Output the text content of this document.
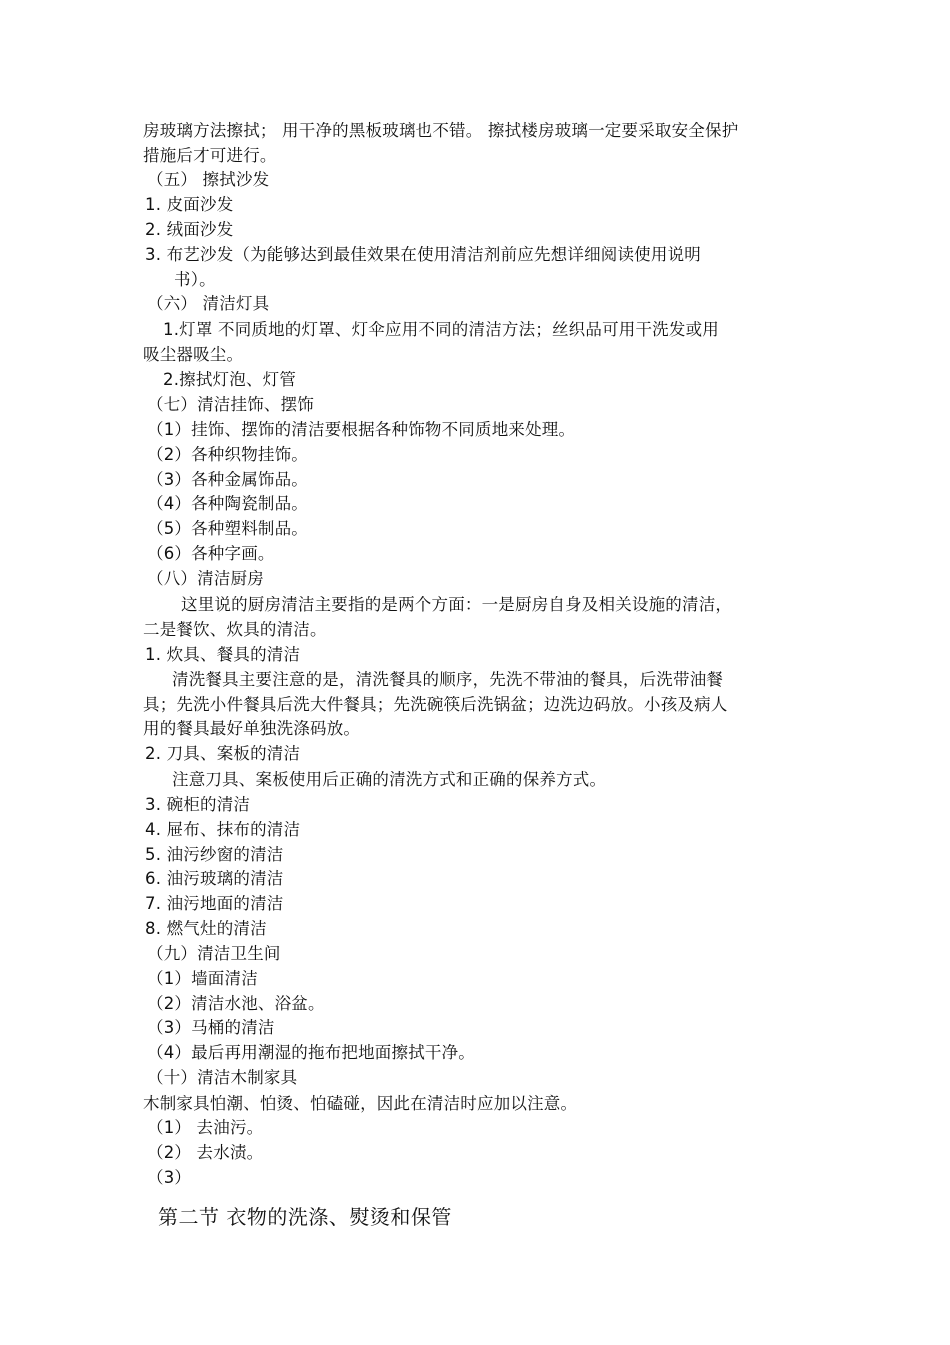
房玻璃方法擦拭； 用干净的黑板玻璃也不错。 擦拭楼房玻璃一定要采取安全保护
措施后才可进行。
（五） 擦拭沙发
1. 皮面沙发
2. 绒面沙发
3. 布艺沙发（为能够达到最佳效果在使用清洁剂前应先想详细阅读使用说明
书）。
（六） 清洁灯具
1.灯罩 不同质地的灯罩、灯伞应用不同的清洁方法；丝织品可用干洗发或用
吸尘器吸尘。
2.擦拭灯泡、灯管
（七）清洁挂饰、摆饰
（1）挂饰、摆饰的清洁要根据各种饰物不同质地来处理。
（2）各种织物挂饰。
（3）各种金属饰品。
（4）各种陶瓷制品。
（5）各种塑料制品。
（6）各种字画。
（八）清洁厨房
这里说的厨房清洁主要指的是两个方面：一是厨房自身及相关设施的清洁，
二是餐饮、炊具的清洁。
1. 炊具、餐具的清洁
清洗餐具主要注意的是，清洗餐具的顺序，先洗不带油的餐具，后洗带油餐
具；先洗小件餐具后洗大件餐具；先洗碗筷后洗锅盆；边洗边码放。小孩及病人
用的餐具最好单独洗涤码放。
2. 刀具、案板的清洁
注意刀具、案板使用后正确的清洗方式和正确的保养方式。
3. 碗柜的清洁
4. 屉布、抹布的清洁
5. 油污纱窗的清洁
6. 油污玻璃的清洁
7. 油污地面的清洁
8. 燃气灶的清洁
（九）清洁卫生间
（1）墙面清洁
（2）清洁水池、浴盆。
（3）马桶的清洁
（4）最后再用潮湿的拖布把地面擦拭干净。
（十）清洁木制家具
木制家具怕潮、怕烫、怕磕碰，因此在清洁时应加以注意。
（1） 去油污。
（2） 去水渍。
（3）
第二节 衣物的洗涤、熨烫和保管
